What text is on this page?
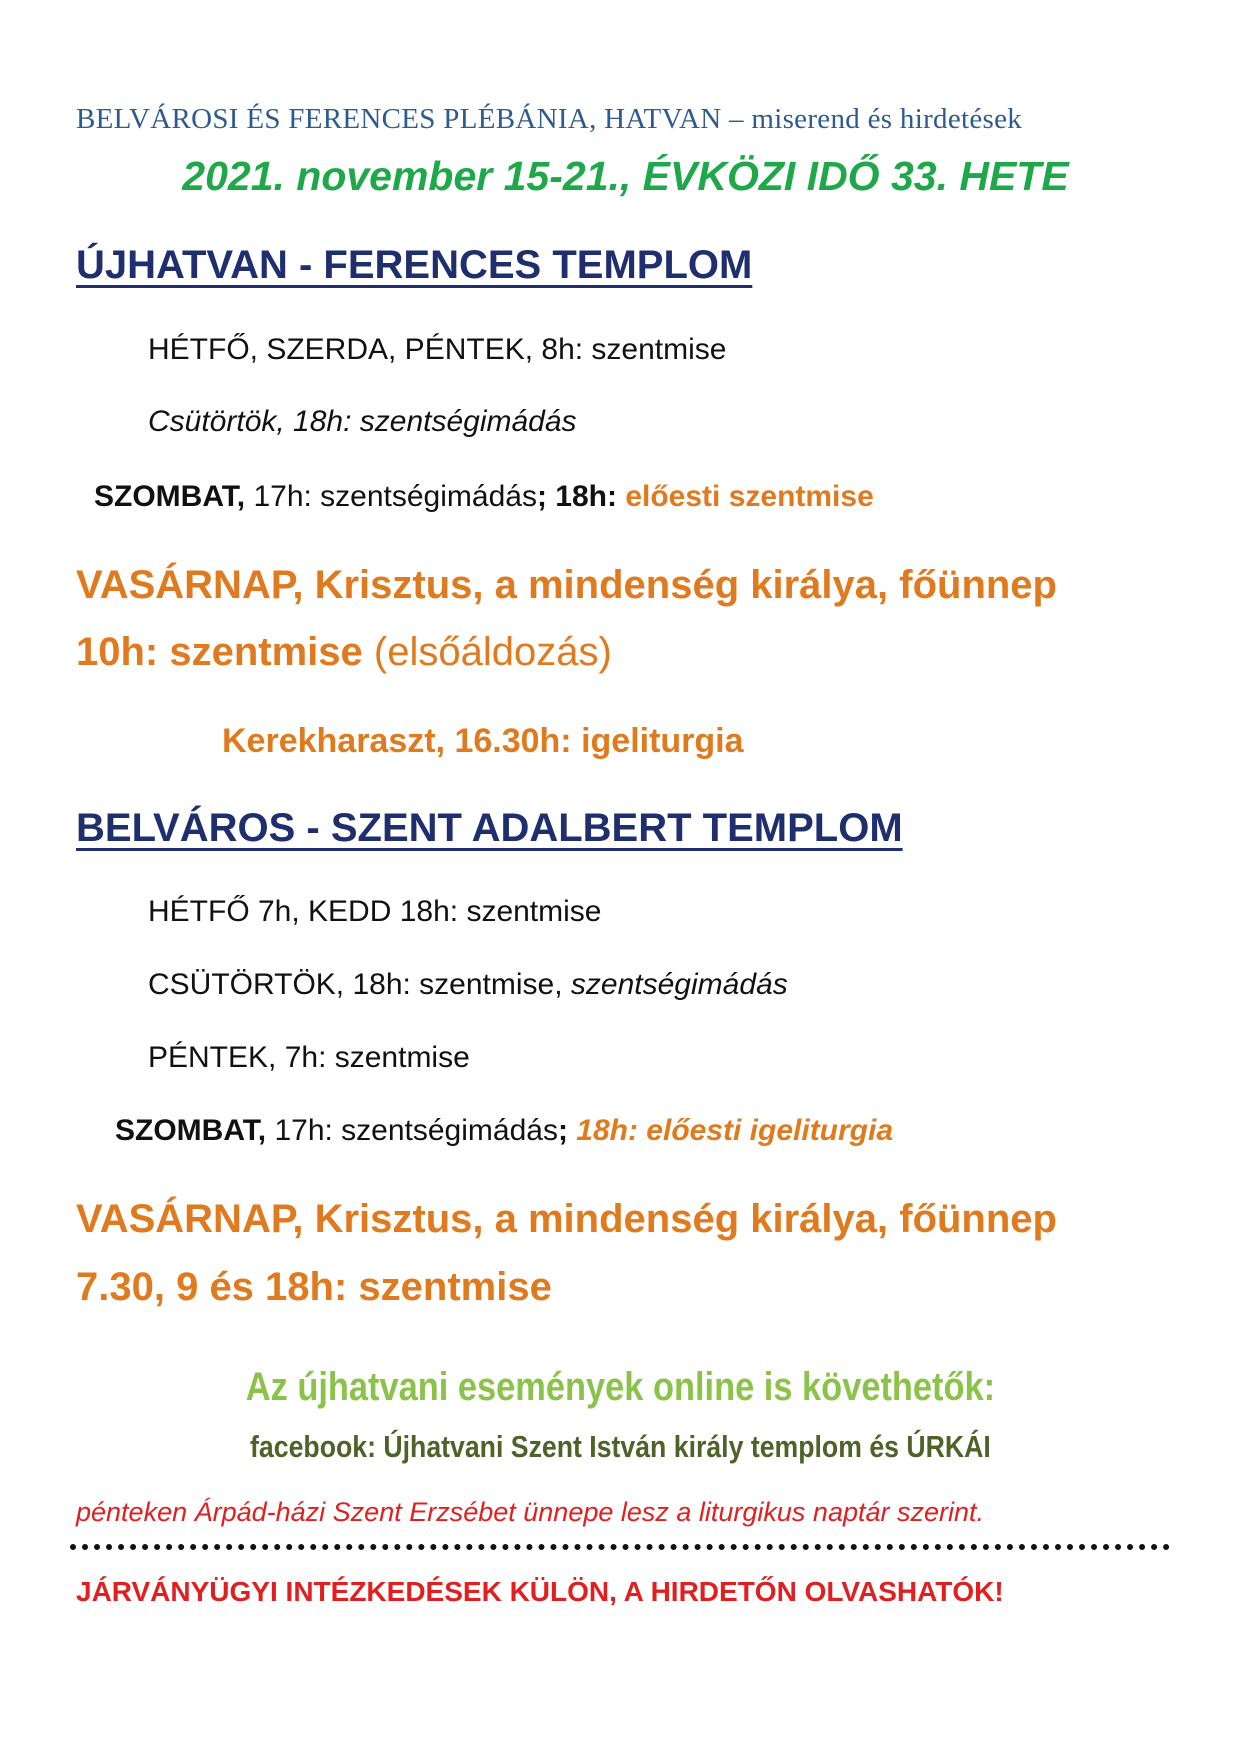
BELVÁROSI ÉS FERENCES PLÉBÁNIA, HATVAN – miserend és hirdetések

2021. november 15-21., ÉVKÖZI IDŐ 33. HETE

ÚJHATVAN - FERENCES TEMPLOM

HÉTFŐ, SZERDA, PÉNTEK, 8h: szentmise

Csütörtök, 18h: szentségimádás

SZOMBAT, 17h: szentségimádás; 18h: előesti szentmise

VASÁRNAP, Krisztus, a mindenség királya, főünnep

10h: szentmise (elsőáldozás)

Kerekharaszt, 16.30h: igeliturgia

BELVÁROS - SZENT ADALBERT TEMPLOM

HÉTFŐ 7h, KEDD 18h: szentmise

CSÜTÖRTÖK, 18h: szentmise, szentségimádás

PÉNTEK, 7h: szentmise

SZOMBAT, 17h: szentségimádás; 18h: előesti igeliturgia

VASÁRNAP, Krisztus, a mindenség királya, főünnep

7.30, 9 és 18h: szentmise

Az újhatvani események online is követhetők:

facebook: Újhatvani Szent István király templom és ÚRKÁI

pénteken Árpád-házi Szent Erzsébet ünnepe lesz a liturgikus naptár szerint.

JÁRVÁNYÜGYI INTÉZKEDÉSEK KÜLÖN, A HIRDETŐN OLVASHATÓK!
